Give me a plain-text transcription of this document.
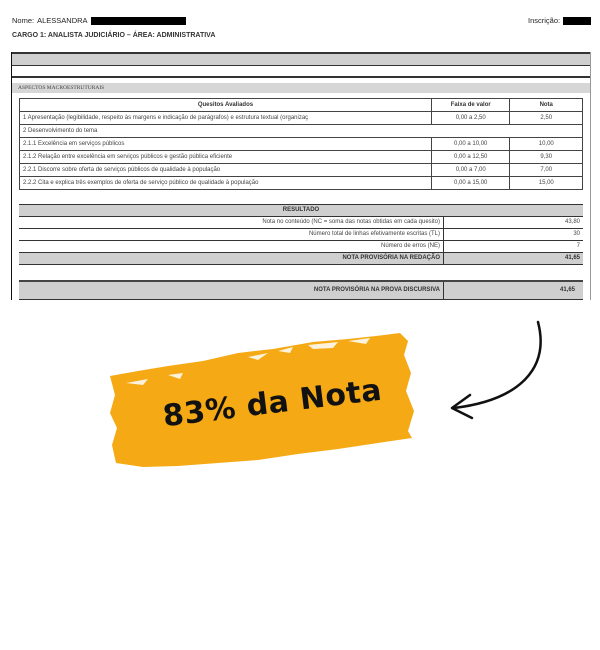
Nome: ALESSANDRA
CARGO 1: ANALISTA JUDICIÁRIO – ÁREA: ADMINISTRATIVA
Inscrição:
ASPECTOS MACROESTRUTURAIS
Quesitos Avaliados	Faixa de valor	Nota
1 Apresentação (legibilidade, respeito às margens e indicação de parágrafos) e estrutura textual (organizaç	0,00 a 2,50	2,50
2 Desenvolvimento do tema		
2.1.1 Excelência em serviços públicos	0,00 a 10,00	10,00
2.1.2 Relação entre excelência em serviços públicos e gestão pública eficiente	0,00 a 12,50	9,30
2.2.1 Discorre sobre oferta de serviços públicos de qualidade à população	0,00 a 7,00	7,00
2.2.2 Cita e explica três exemplos de oferta de serviço público de qualidade à população	0,00 a 15,00	15,00
RESULTADO
Nota no conteúdo (NC = soma das notas obtidas em cada quesito)	43,80
Número total de linhas efetivamente escritas (TL)	30
Número de erros (NE)	7
NOTA PROVISÓRIA NA REDAÇÃO	41,65
NOTA PROVISÓRIA NA PROVA DISCURSIVA	41,65
83% da Nota
